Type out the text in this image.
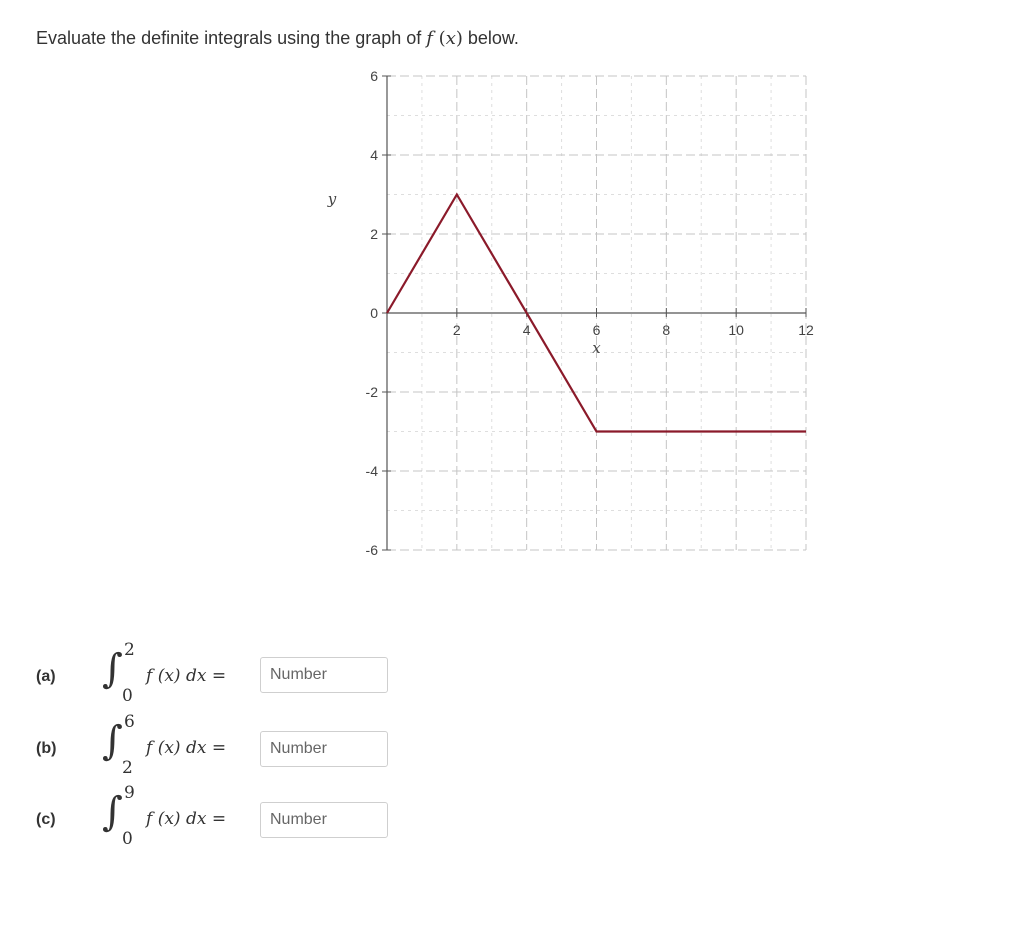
Evaluate the definite integrals using the graph of f (x) below.
6
4
2
0
-2
-4
-6
2	4	6	8	10	12
x
y
(a) ∫ 2
0
f (x) dx =
Number
(b) ∫ 6
2
f (x) dx =
Number
(c) ∫ 9
0
f (x) dx =
Number
